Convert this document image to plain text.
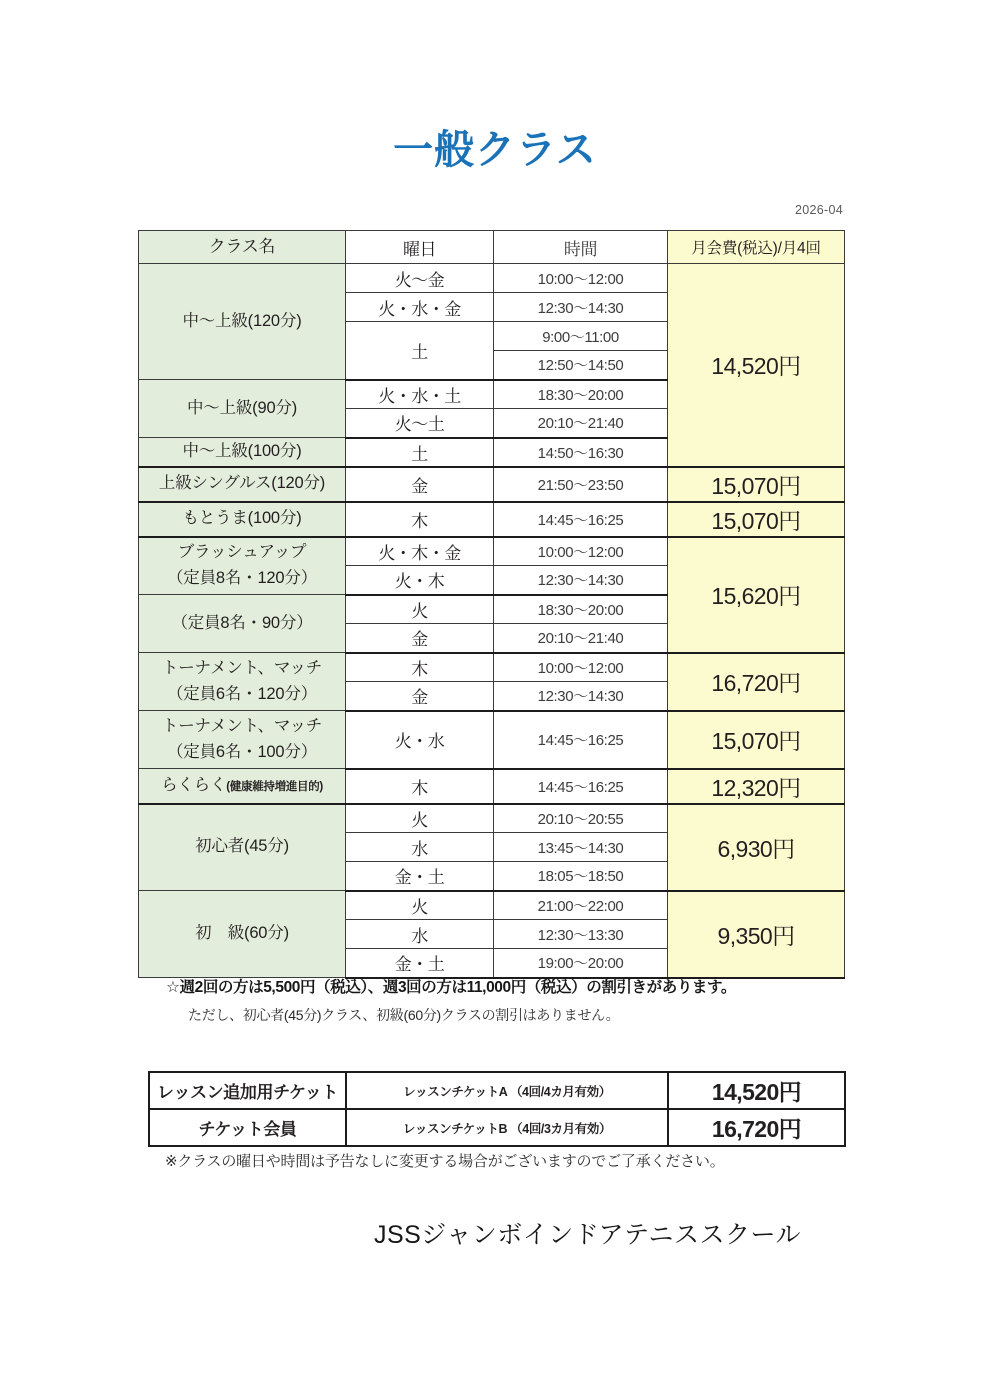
一般クラス
2026-04
クラス名	曜日	時間	月会費(税込)/月4回
中〜上級(120分)	火〜金	10:00〜12:00	14,520円
	火・水・金	12:30〜14:30	
	土	9:00〜11:00	
		12:50〜14:50	
中〜上級(90分)	火・水・土	18:30〜20:00	
	火〜土	20:10〜21:40	
中〜上級(100分)	土	14:50〜16:30	
上級シングルス(120分)	金	21:50〜23:50	15,070円
もとうま(100分)	木	14:45〜16:25	15,070円

ブラッシュアップ
（定員8名・120分）	火・木・金	10:00〜12:00	15,620円
	火・木	12:30〜14:30	
（定員8名・90分）	火	18:30〜20:00	
	金	20:10〜21:40	

トーナメント、マッチ
（定員6名・120分）	木	10:00〜12:00	16,720円
	金	12:30〜14:30	

トーナメント、マッチ
（定員6名・100分）	火・水	14:45〜16:25	15,070円

らくらく(健康維持増進目的)	木	14:45〜16:25	12,320円
初心者(45分)	火	20:10〜20:55	6,930円
	水	13:45〜14:30	
	金・土	18:05〜18:50	
初　級(60分)	火	21:00〜22:00	9,350円
	水	12:30〜13:30	
	金・土	19:00〜20:00	
☆週2回の方は5,500円（税込）、週3回の方は11,000円（税込）の割引きがあります。
ただし、初心者(45分)クラス、初級(60分)クラスの割引はありません。
レッスン追加用チケット	レッスンチケットA （4回/4カ月有効）	14,520円
チケット会員	レッスンチケットB （4回/3カ月有効）	16,720円
※クラスの曜日や時間は予告なしに変更する場合がございますのでご了承ください。
JSSジャンボインドアテニススクール
